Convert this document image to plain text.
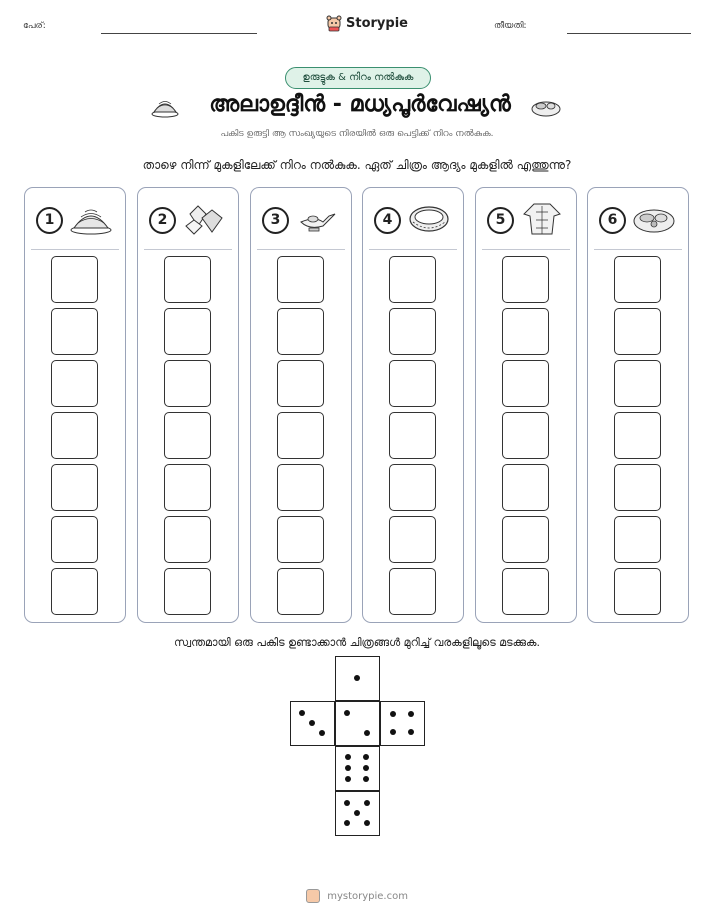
പേര്:	Storypie	തീയതി:
ഉരുട്ടുക & നിറം നൽകുക
അലാഉദ്ദീൻ - മധ്യപൂർവേഷ്യൻ
പകിട ഉരുട്ടി ആ സംഖ്യയുടെ നിരയിൽ ഒരു പെട്ടിക്ക് നിറം നൽകുക.
താഴെ നിന്ന് മുകളിലേക്ക് നിറം നൽകുക. ഏത് ചിത്രം ആദ്യം മുകളിൽ എത്തുന്നു?
1	2	3	4	5	6
സ്വന്തമായി ഒരു പകിട ഉണ്ടാക്കാൻ ചിത്രങ്ങൾ മുറിച്ച് വരകളിലൂടെ മടക്കുക.
mystorypie.com
